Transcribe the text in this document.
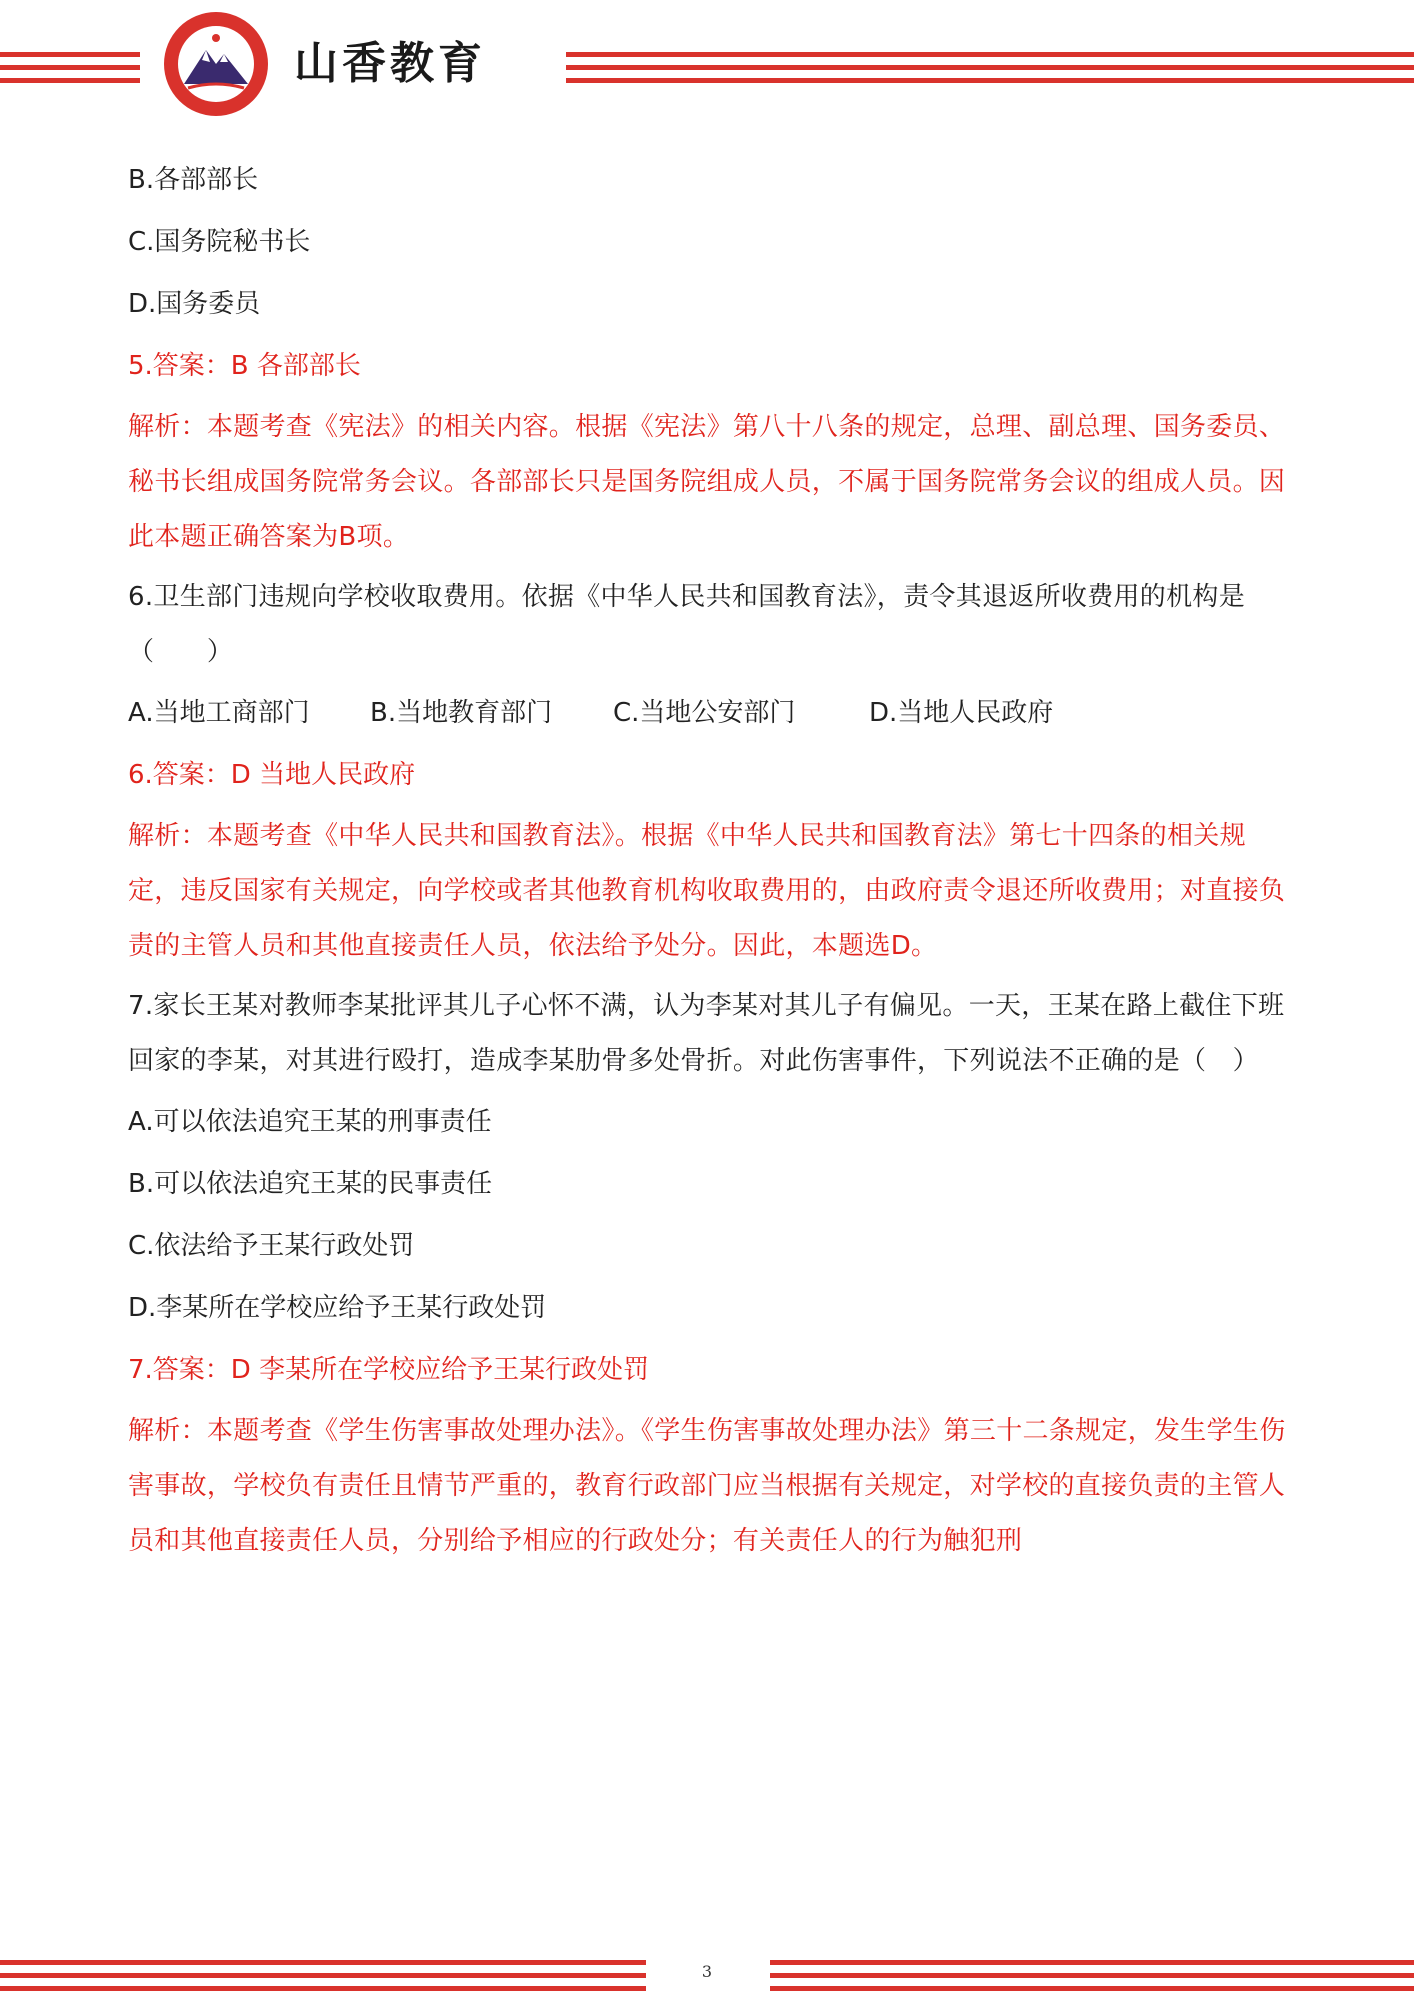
山香教育
B.各部部长
C.国务院秘书长
D.国务委员
5.答案：B 各部部长
解析：本题考查《宪法》的相关内容。根据《宪法》第八十八条的规定，总理、副总理、国务委员、秘书长组成国务院常务会议。各部部长只是国务院组成人员，不属于国务院常务会议的组成人员。因此本题正确答案为B项。
6.卫生部门违规向学校收取费用。依据《中华人民共和国教育法》，责令其退返所收费用的机构是（　　）
A.当地工商部门	B.当地教育部门	C.当地公安部门	D.当地人民政府
6.答案：D 当地人民政府
解析：本题考查《中华人民共和国教育法》。根据《中华人民共和国教育法》第七十四条的相关规定，违反国家有关规定，向学校或者其他教育机构收取费用的，由政府责令退还所收费用；对直接负责的主管人员和其他直接责任人员，依法给予处分。因此，本题选D。
7.家长王某对教师李某批评其儿子心怀不满，认为李某对其儿子有偏见。一天，王某在路上截住下班回家的李某，对其进行殴打，造成李某肋骨多处骨折。对此伤害事件，下列说法不正确的是（　）
A.可以依法追究王某的刑事责任
B.可以依法追究王某的民事责任
C.依法给予王某行政处罚
D.李某所在学校应给予王某行政处罚
7.答案：D 李某所在学校应给予王某行政处罚
解析：本题考查《学生伤害事故处理办法》。《学生伤害事故处理办法》第三十二条规定，发生学生伤害事故，学校负有责任且情节严重的，教育行政部门应当根据有关规定，对学校的直接负责的主管人员和其他直接责任人员，分别给予相应的行政处分；有关责任人的行为触犯刑
3
